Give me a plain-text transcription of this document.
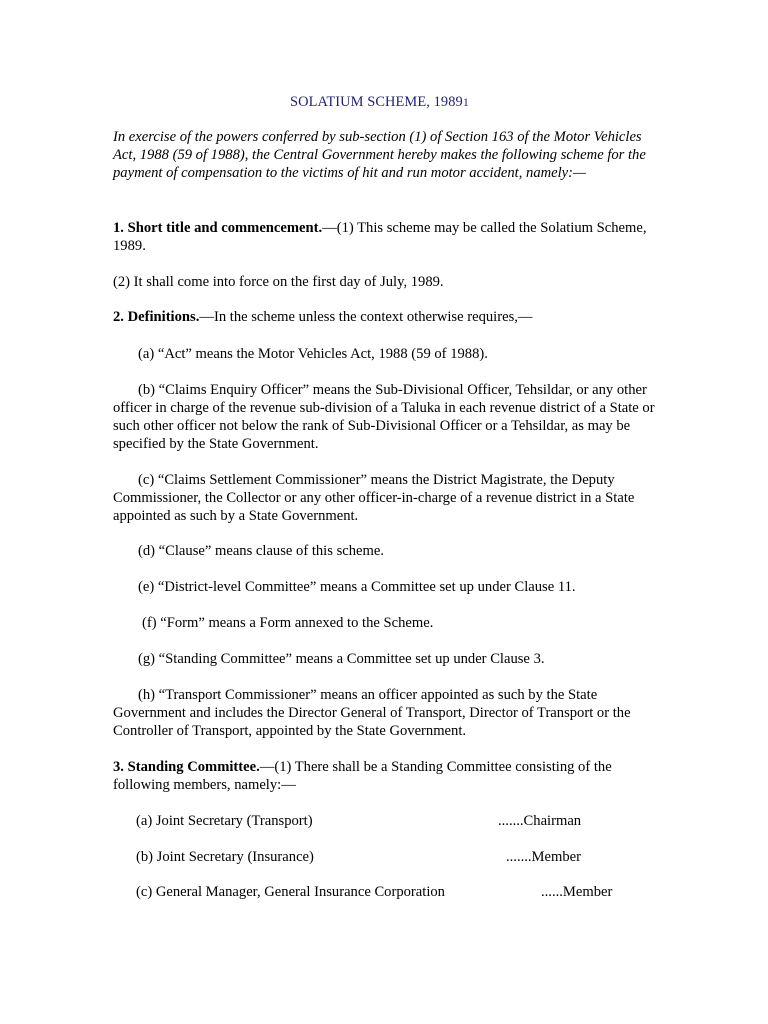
SOLATIUM SCHEME, 19891
In exercise of the powers conferred by sub-section (1) of Section 163 of the Motor Vehicles Act, 1988 (59 of 1988), the Central Government hereby makes the following scheme for the payment of compensation to the victims of hit and run motor accident, namely:—
1. Short title and commencement.—(1) This scheme may be called the Solatium Scheme, 1989.
(2) It shall come into force on the first day of July, 1989.
2. Definitions.—In the scheme unless the context otherwise requires,—
(a) “Act” means the Motor Vehicles Act, 1988 (59 of 1988).
(b) “Claims Enquiry Officer” means the Sub-Divisional Officer, Tehsildar, or any other officer in charge of the revenue sub-division of a Taluka in each revenue district of a State or such other officer not below the rank of Sub-Divisional Officer or a Tehsildar, as may be specified by the State Government.
(c) “Claims Settlement Commissioner” means the District Magistrate, the Deputy Commissioner, the Collector or any other officer-in-charge of a revenue district in a State appointed as such by a State Government.
(d) “Clause” means clause of this scheme.
(e) “District-level Committee” means a Committee set up under Clause 11.
(f) “Form” means a Form annexed to the Scheme.
(g) “Standing Committee” means a Committee set up under Clause 3.
(h) “Transport Commissioner” means an officer appointed as such by the State Government and includes the Director General of Transport, Director of Transport or the Controller of Transport, appointed by the State Government.
3. Standing Committee.—(1) There shall be a Standing Committee consisting of the following members, namely:—
(a) Joint Secretary (Transport)	.......Chairman
(b) Joint Secretary (Insurance)	.......Member
(c) General Manager, General Insurance Corporation	......Member
